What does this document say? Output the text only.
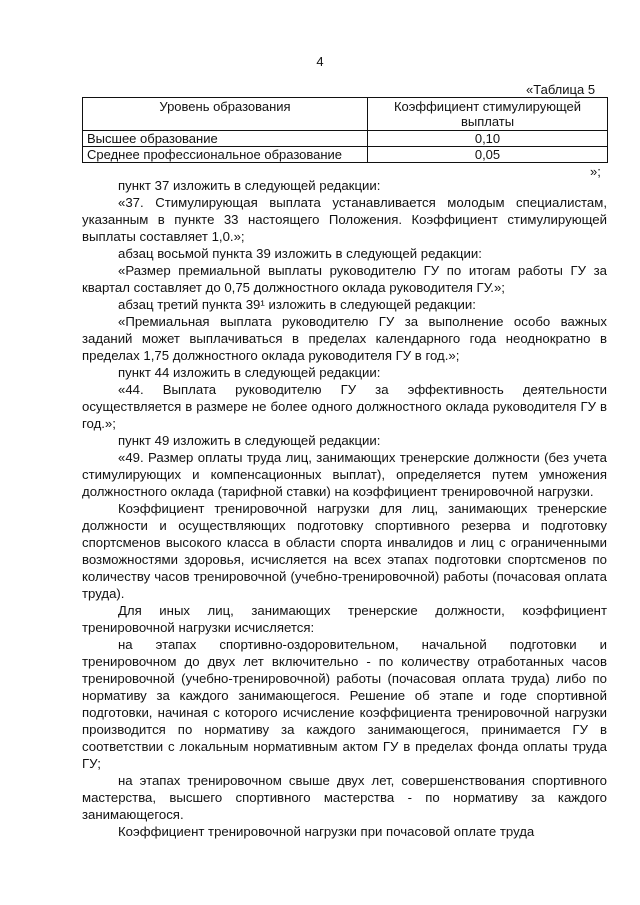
4
«Таблица 5
Уровень образования	Коэффициент стимулирующей выплаты
Высшее образование	0,10
Среднее профессиональное образование	0,05
»;

пункт 37 изложить в следующей редакции:

«37. Стимулирующая выплата устанавливается молодым специалистам, указанным в пункте 33 настоящего Положения. Коэффициент стимулирующей выплаты составляет 1,0.»;

абзац восьмой пункта 39 изложить в следующей редакции:

«Размер премиальной выплаты руководителю ГУ по итогам работы ГУ за квартал составляет до 0,75 должностного оклада руководителя ГУ.»;

абзац третий пункта 39¹ изложить в следующей редакции:

«Премиальная выплата руководителю ГУ за выполнение особо важных заданий может выплачиваться в пределах календарного года неоднократно в пределах 1,75 должностного оклада руководителя ГУ в год.»;

пункт 44 изложить в следующей редакции:

«44. Выплата руководителю ГУ за эффективность деятельности осуществляется в размере не более одного должностного оклада руководителя ГУ в год.»;

пункт 49 изложить в следующей редакции:

«49. Размер оплаты труда лиц, занимающих тренерские должности (без учета стимулирующих и компенсационных выплат), определяется путем умножения должностного оклада (тарифной ставки) на коэффициент тренировочной нагрузки.

Коэффициент тренировочной нагрузки для лиц, занимающих тренерские должности и осуществляющих подготовку спортивного резерва и подготовку спортсменов высокого класса в области спорта инвалидов и лиц с ограниченными возможностями здоровья, исчисляется на всех этапах подготовки спортсменов по количеству часов тренировочной (учебно-тренировочной) работы (почасовая оплата труда).

Для иных лиц, занимающих тренерские должности, коэффициент тренировочной нагрузки исчисляется:

на этапах спортивно-оздоровительном, начальной подготовки и тренировочном до двух лет включительно - по количеству отработанных часов тренировочной (учебно-тренировочной) работы (почасовая оплата труда) либо по нормативу за каждого занимающегося. Решение об этапе и годе спортивной подготовки, начиная с которого исчисление коэффициента тренировочной нагрузки производится по нормативу за каждого занимающегося, принимается ГУ в соответствии с локальным нормативным актом ГУ в пределах фонда оплаты труда ГУ;

на этапах тренировочном свыше двух лет, совершенствования спортивного мастерства, высшего спортивного мастерства - по нормативу за каждого занимающегося.

Коэффициент тренировочной нагрузки при почасовой оплате труда
